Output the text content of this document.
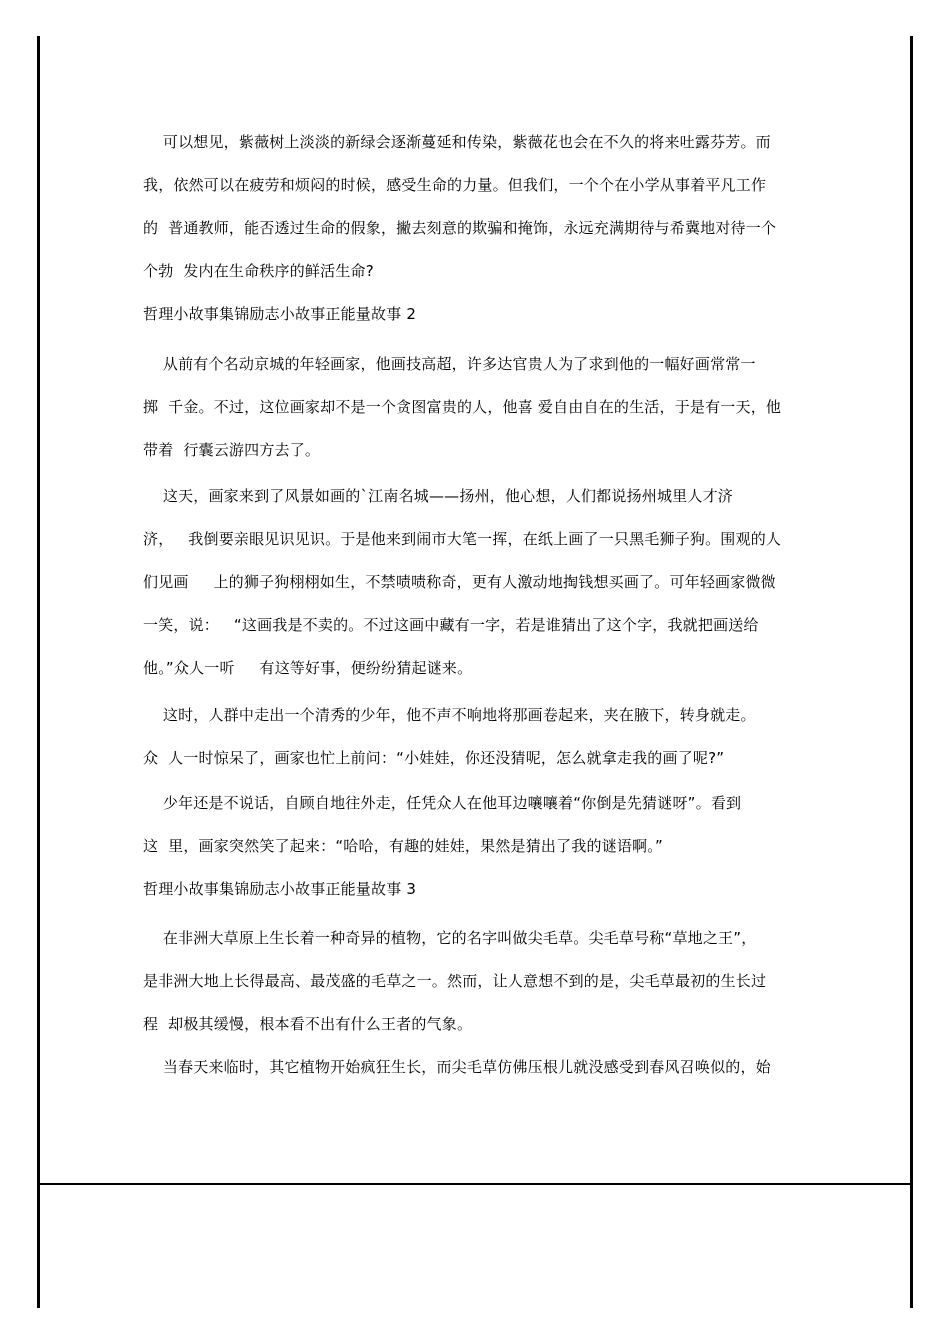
可以想见，紫薇树上淡淡的新绿会逐渐蔓延和传染，紫薇花也会在不久的将来吐露芬芳。而
我，依然可以在疲劳和烦闷的时候，感受生命的力量。但我们，一个个在小学从事着平凡工作
的  普通教师，能否透过生命的假象，撇去刻意的欺骗和掩饰，永远充满期待与希冀地对待一个
个勃  发内在生命秩序的鲜活生命?
哲理小故事集锦励志小故事正能量故事 2
从前有个名动京城的年轻画家，他画技高超，许多达官贵人为了求到他的一幅好画常常一
掷  千金。不过，这位画家却不是一个贪图富贵的人，他喜 爱自由自在的生活，于是有一天，他
带着  行囊云游四方去了。
这天，画家来到了风景如画的`江南名城——扬州，他心想，人们都说扬州城里人才济
济，   我倒要亲眼见识见识。于是他来到闹市大笔一挥，在纸上画了一只黑毛狮子狗。围观的人
们见画     上的狮子狗栩栩如生，不禁啧啧称奇，更有人激动地掏钱想买画了。可年轻画家微微
一笑，说：   “这画我是不卖的。不过这画中藏有一字，若是谁猜出了这个字，我就把画送给
他。”众人一听     有这等好事，便纷纷猜起谜来。
这时，人群中走出一个清秀的少年，他不声不响地将那画卷起来，夹在腋下，转身就走。
众  人一时惊呆了，画家也忙上前问：“小娃娃，你还没猜呢，怎么就拿走我的画了呢?”
少年还是不说话，自顾自地往外走，任凭众人在他耳边嚷嚷着“你倒是先猜谜呀”。看到
这  里，画家突然笑了起来：“哈哈，有趣的娃娃，果然是猜出了我的谜语啊。”
哲理小故事集锦励志小故事正能量故事 3
在非洲大草原上生长着一种奇异的植物，它的名字叫做尖毛草。尖毛草号称“草地之王”，
是非洲大地上长得最高、最茂盛的毛草之一。然而，让人意想不到的是，尖毛草最初的生长过
程  却极其缓慢，根本看不出有什么王者的气象。
当春天来临时，其它植物开始疯狂生长，而尖毛草仿佛压根儿就没感受到春风召唤似的，始
